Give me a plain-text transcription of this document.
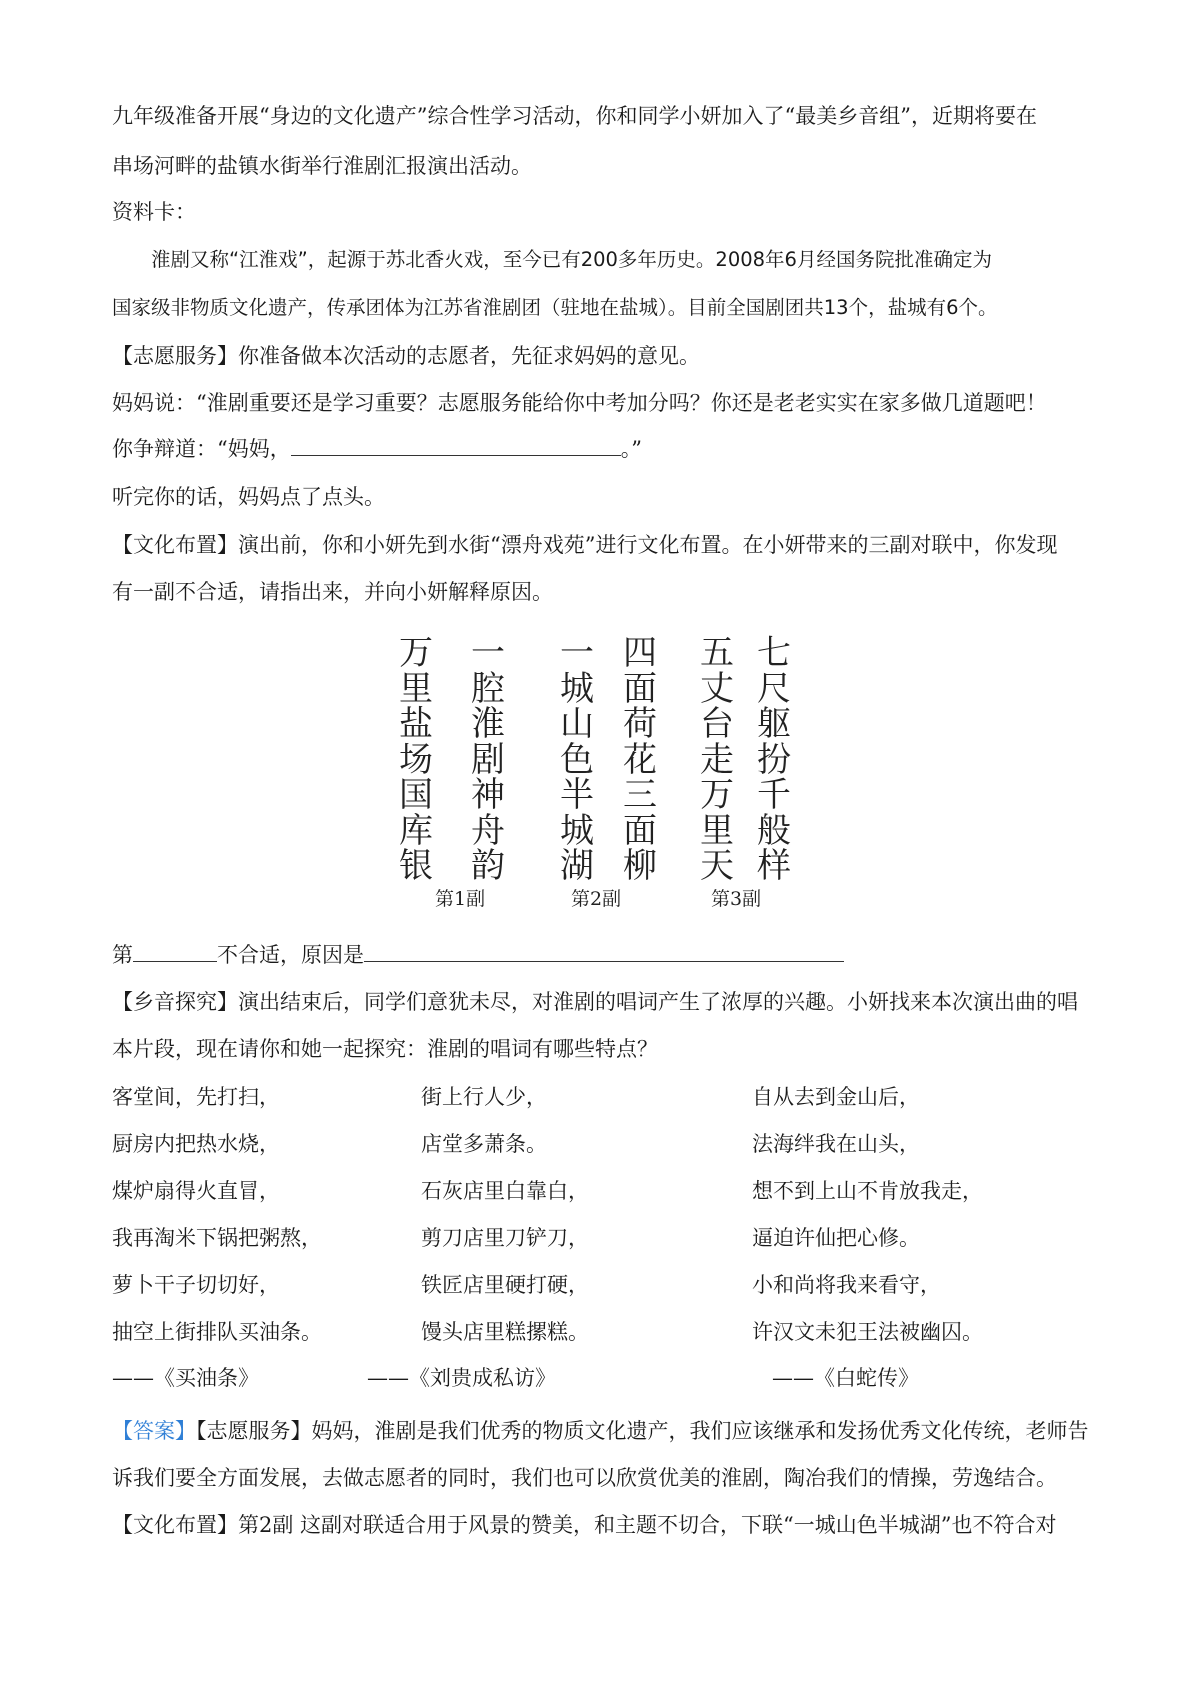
九年级准备开展“身边的文化遗产”综合性学习活动，你和同学小妍加入了“最美乡音组”，近期将要在
串场河畔的盐镇水街举行淮剧汇报演出活动。
资料卡：
淮剧又称“江淮戏”，起源于苏北香火戏，至今已有200多年历史。2008年6月经国务院批准确定为
国家级非物质文化遗产，传承团体为江苏省淮剧团（驻地在盐城）。目前全国剧团共13个，盐城有6个。
【志愿服务】你准备做本次活动的志愿者，先征求妈妈的意见。
妈妈说：“淮剧重要还是学习重要？志愿服务能给你中考加分吗？你还是老老实实在家多做几道题吧！
你争辩道：“妈妈，	。”
听完你的话，妈妈点了点头。
【文化布置】演出前，你和小妍先到水街“漂舟戏苑”进行文化布置。在小妍带来的三副对联中，你发现
有一副不合适，请指出来，并向小妍解释原因。
万
里
盐
场
国
库
银
一
腔
淮
剧
神
舟
韵
第1副
一
城
山
色
半
城
湖
四
面
荷
花
三
面
柳
第2副
五
丈
台
走
万
里
天
七
尺
躯
扮
千
般
样
第3副
第	不合适，原因是
【乡音探究】演出结束后，同学们意犹未尽，对淮剧的唱词产生了浓厚的兴趣。小妍找来本次演出曲的唱
本片段，现在请你和她一起探究：淮剧的唱词有哪些特点？
客堂间，先打扫，
厨房内把热水烧，
煤炉扇得火直冒，
我再淘米下锅把粥熬，
萝卜干子切切好，
抽空上街排队买油条。
——《买油条》
街上行人少，
店堂多萧条。
石灰店里白靠白，
剪刀店里刀铲刀，
铁匠店里硬打硬，
馒头店里糕摞糕。
——《刘贵成私访》
自从去到金山后，
法海绊我在山头，
想不到上山不肯放我走，
逼迫许仙把心修。
小和尚将我来看守，
许汉文未犯王法被幽囚。
——《白蛇传》
【答案】【志愿服务】妈妈，淮剧是我们优秀的物质文化遗产，我们应该继承和发扬优秀文化传统，老师告
诉我们要全方面发展，去做志愿者的同时，我们也可以欣赏优美的淮剧，陶冶我们的情操，劳逸结合。
【文化布置】第2副 这副对联适合用于风景的赞美，和主题不切合，下联“一城山色半城湖”也不符合对
